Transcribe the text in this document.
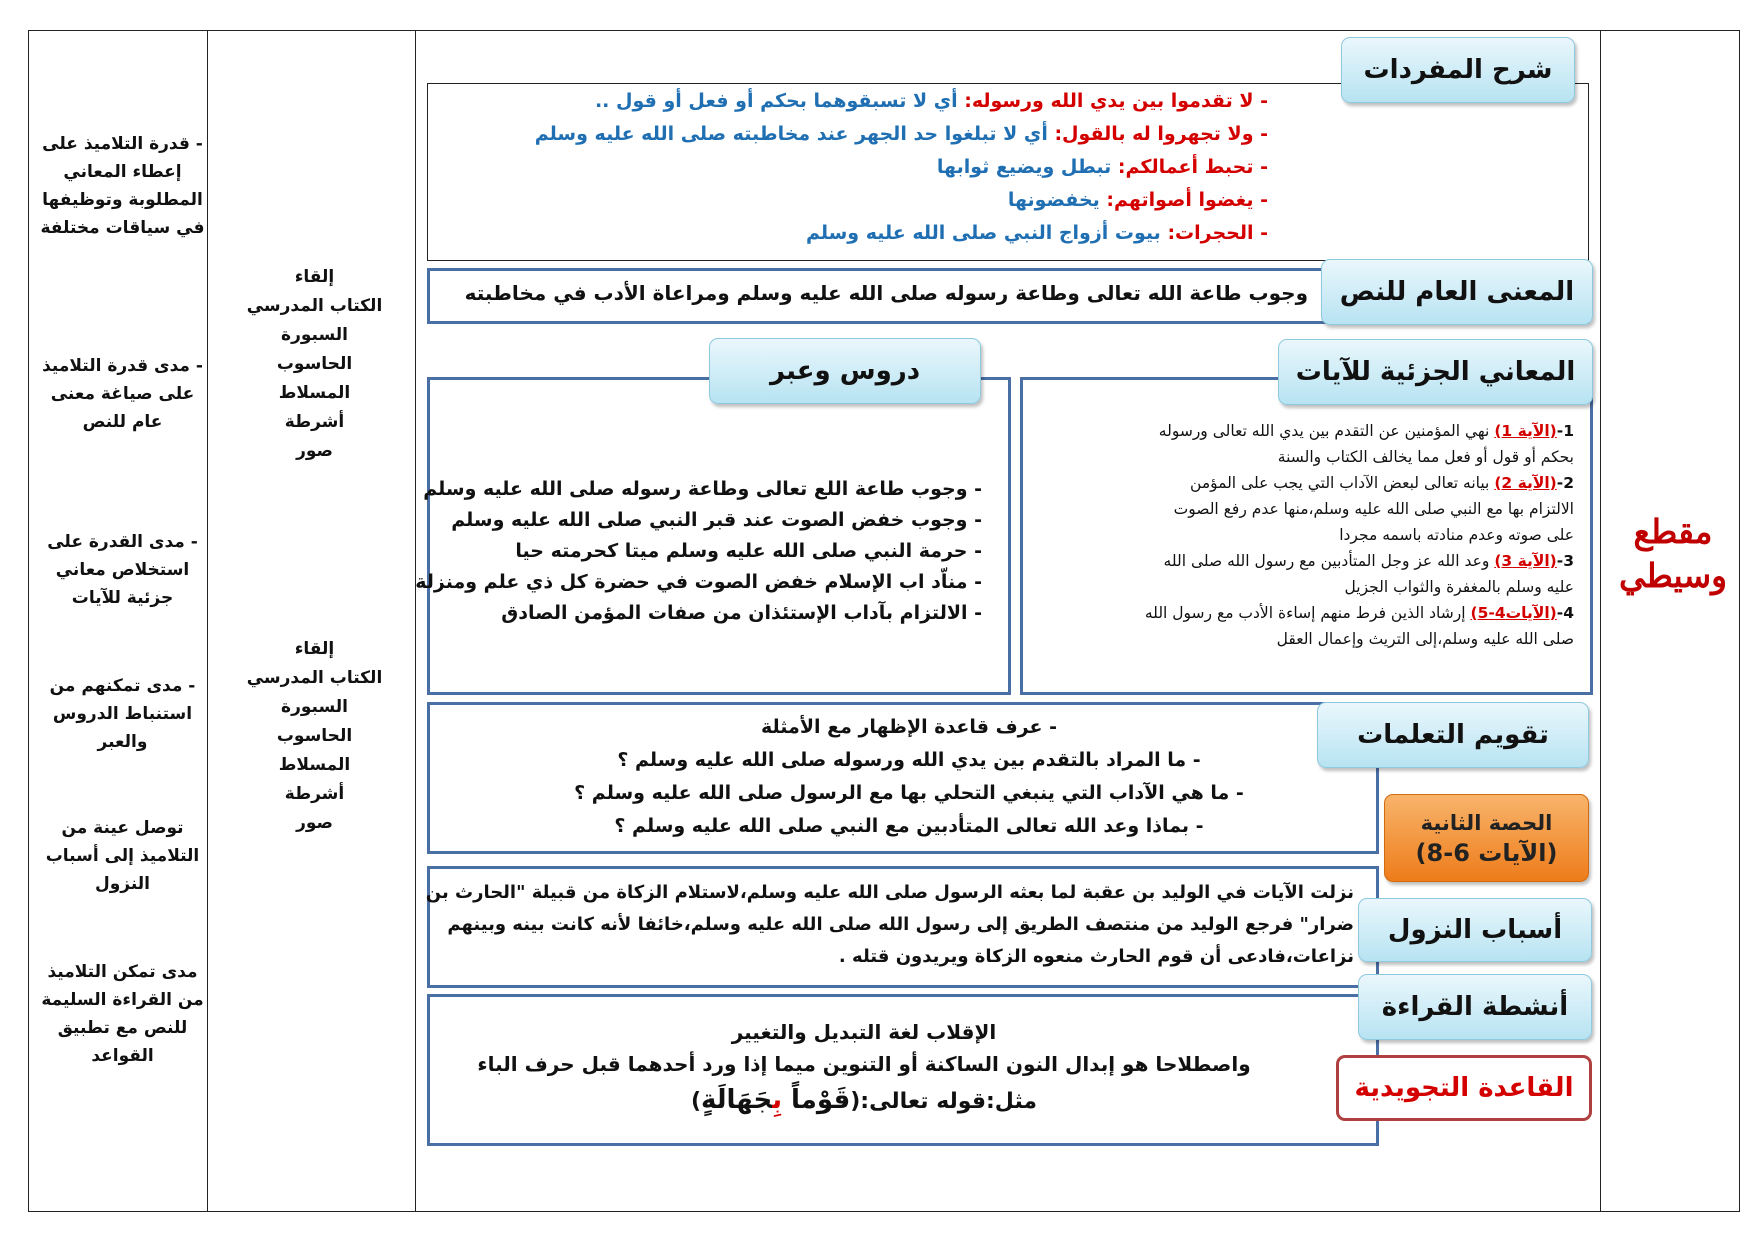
مقطع وسيطي
- قدرة التلاميذ على إعطاء المعاني المطلوبة وتوظيفها في سياقات مختلفة
- مدى قدرة التلاميذ على صياغة معنى عام للنص
- مدى القدرة على استخلاص معاني جزئية للآيات
- مدى تمكنهم من استنباط الدروس والعبر
توصل عينة من التلاميذ إلى أسباب النزول
مدى تمكن التلاميذ من القراءة السليمة للنص مع تطبيق القواعد
إلقاء
الكتاب المدرسي
السبورة
الحاسوب
المسلاط
أشرطة
صور
إلقاء
الكتاب المدرسي
السبورة
الحاسوب
المسلاط
أشرطة
صور
- لا تقدموا بين يدي الله ورسوله: أي لا تسبقوهما بحكم أو فعل أو قول ..
- ولا تجهروا له بالقول: أي لا تبلغوا حد الجهر عند مخاطبته صلى الله عليه وسلم
- تحبط أعمالكم: تبطل ويضيع ثوابها
- يغضوا أصواتهم: يخفضونها
- الحجرات: بيوت أزواج النبي صلى الله عليه وسلم
شرح المفردات
وجوب طاعة الله تعالى وطاعة رسوله صلى الله عليه وسلم ومراعاة الأدب في مخاطبته	المعنى العام للنص
1-(الآية 1) نهي المؤمنين عن التقدم بين يدي الله تعالى ورسوله
بحكم أو قول أو فعل مما يخالف الكتاب والسنة
2-(الآية 2) بيانه تعالى لبعض الآداب التي يجب على المؤمن
الالتزام بها مع النبي صلى الله عليه وسلم،منها عدم رفع الصوت
على صوته وعدم منادته باسمه مجردا
3-(الآية 3) وعد الله عز وجل المتأدبين مع رسول الله صلى الله
عليه وسلم بالمغفرة والثواب الجزيل
4-(الآيات4-5) إرشاد الذين فرط منهم إساءة الأدب مع رسول الله
صلى الله عليه وسلم،إلى التريث وإعمال العقل
المعاني الجزئية للآيات
- وجوب طاعة اللع تعالى وطاعة رسوله صلى الله عليه وسلم
- وجوب خفض الصوت عند قبر النبي صلى الله عليه وسلم
- حرمة النبي صلى الله عليه وسلم ميتا كحرمته حيا
- مناّد اب الإسلام خفض الصوت في حضرة كل ذي علم ومنزلة
- الالتزام بآداب الإستئذان من صفات المؤمن الصادق
دروس وعبر
- عرف قاعدة الإظهار مع الأمثلة
- ما المراد بالتقدم بين يدي الله ورسوله صلى الله عليه وسلم ؟
- ما هي الآداب التي ينبغي التحلي بها مع الرسول صلى الله عليه وسلم ؟
- بماذا وعد الله تعالى المتأدبين مع النبي صلى الله عليه وسلم ؟
تقويم التعلمات
الحصة الثانية
(الآيات 6-8)
نزلت الآيات في الوليد بن عقبة لما بعثه الرسول صلى الله عليه وسلم،لاستلام الزكاة من قبيلة "الحارث بن
ضرار" فرجع الوليد من منتصف الطريق إلى رسول الله صلى الله عليه وسلم،خائفا لأنه كانت بينه وبينهم
نزاعات،فادعى أن قوم الحارث منعوه الزكاة ويريدون قتله .
أسباب النزول
الإقلاب لغة التبديل والتغيير
واصطلاحا هو إبدال النون الساكنة أو التنوين ميما إذا ورد أحدهما قبل حرف الباء
مثل:قوله تعالى:(قَوْماً بِجَهَالَةٍ)
أنشطة القراءة
القاعدة التجويدية
